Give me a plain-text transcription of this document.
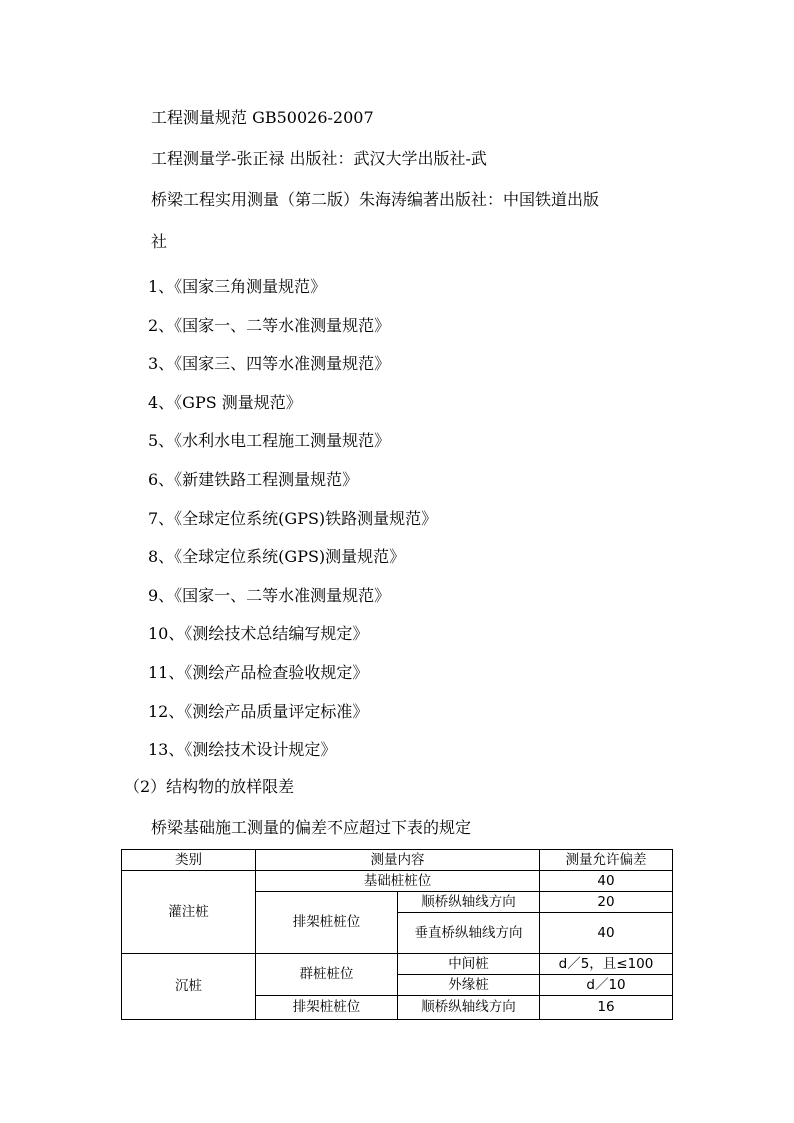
工程测量规范 GB50026-2007
工程测量学-张正禄 出版社：武汉大学出版社-武
桥梁工程实用测量（第二版）朱海涛编著出版社：中国铁道出版
社
1、《国家三角测量规范》
2、《国家一、二等水准测量规范》
3、《国家三、四等水准测量规范》
4、《GPS 测量规范》
5、《水利水电工程施工测量规范》
6、《新建铁路工程测量规范》
7、《全球定位系统(GPS)铁路测量规范》
8、《全球定位系统(GPS)测量规范》
9、《国家一、二等水准测量规范》
10、《测绘技术总结编写规定》
11、《测绘产品检查验收规定》
12、《测绘产品质量评定标准》
13、《测绘技术设计规定》
（2）结构物的放样限差
桥梁基础施工测量的偏差不应超过下表的规定
类别	测量内容		测量允许偏差
灌注桩	基础桩桩位		40
	排架桩桩位	顺桥纵轴线方向	20
		垂直桥纵轴线方向	40
沉桩	群桩桩位	中间桩	d／5，且≤100
		外缘桩	d／10
	排架桩桩位	顺桥纵轴线方向	16
